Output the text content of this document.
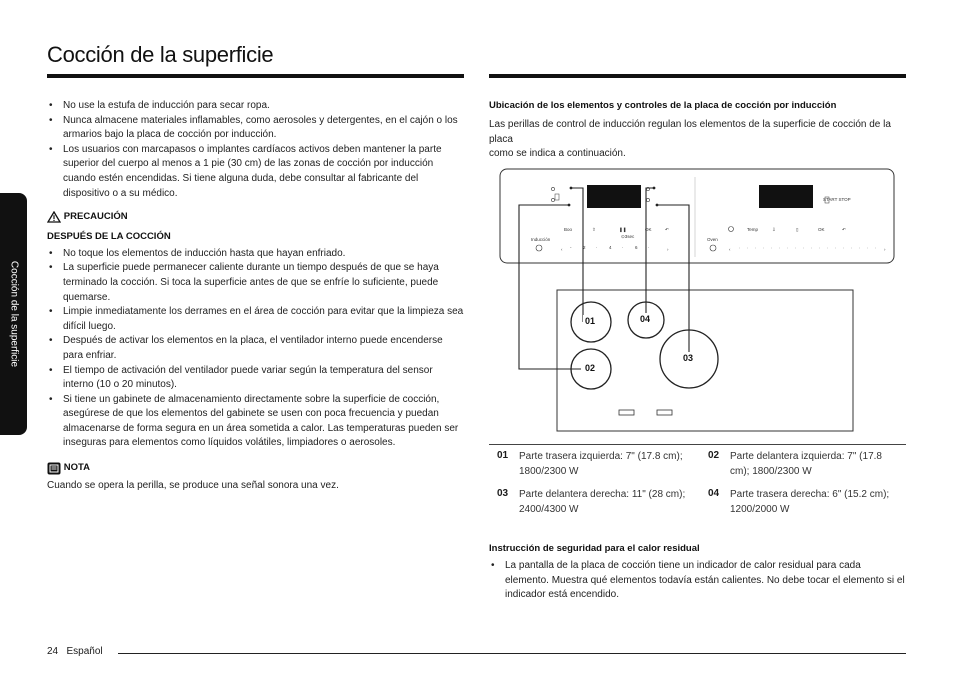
Cocción de la superficie
Cocción de la superficie
• No use la estufa de inducción para secar ropa.
• Nunca almacene materiales inflamables, como aerosoles y detergentes, en el cajón o los armarios bajo la placa de cocción por inducción.
• Los usuarios con marcapasos o implantes cardíacos activos deben mantener la parte superior del cuerpo al menos a 1 pie (30 cm) de las zonas de cocción por inducción cuando estén encendidas. Si tiene alguna duda, debe consultar al fabricante del dispositivo o a su médico.
PRECAUCIÓN
DESPUÉS DE LA COCCIÓN
• No toque los elementos de inducción hasta que hayan enfriado.
• La superficie puede permanecer caliente durante un tiempo después de que se haya terminado la cocción. Si toca la superficie antes de que se enfríe lo suficiente, puede quemarse.
• Limpie inmediatamente los derrames en el área de cocción para evitar que la limpieza sea difícil luego.
• Después de activar los elementos en la placa, el ventilador interno puede encenderse para enfriar.
• El tiempo de activación del ventilador puede variar según la temperatura del sensor interno (10 o 20 minutos).
• Si tiene un gabinete de almacenamiento directamente sobre la superficie de cocción, asegúrese de que los elementos del gabinete se usen con poca frecuencia y puedan almacenarse de forma segura en un área sometida a calor. Las temperaturas pueden ser inseguras para elementos como líquidos volátiles, limpiadores o aerosoles.
NOTA
Cuando se opera la perilla, se produce una señal sonora una vez.
Ubicación de los elementos y controles de la placa de cocción por inducción
Las perillas de control de inducción regulan los elementos de la superficie de cocción de la placa
como se indica a continuación.
Inducción
Boo	⇧	❚❚
⊙3sec
OK	↶
‹	›
-	2 ·	4 ·	6 ·
Oven
Temp	⇩	▯	OK	↶
START STOP
‹	›
01
02
03
04
01	Parte trasera izquierda: 7" (17.8 cm); 1800/2300 W		02	Parte delantera izquierda: 7" (17.8 cm); 1800/2300 W

03	Parte delantera derecha: 11" (28 cm); 2400/4300 W		04	Parte trasera derecha: 6" (15.2 cm); 1200/2000 W
Instrucción de seguridad para el calor residual
• La pantalla de la placa de cocción tiene un indicador de calor residual para cada elemento. Muestra qué elementos todavía están calientes. No debe tocar el elemento si el indicador está encendido.
24 Español
